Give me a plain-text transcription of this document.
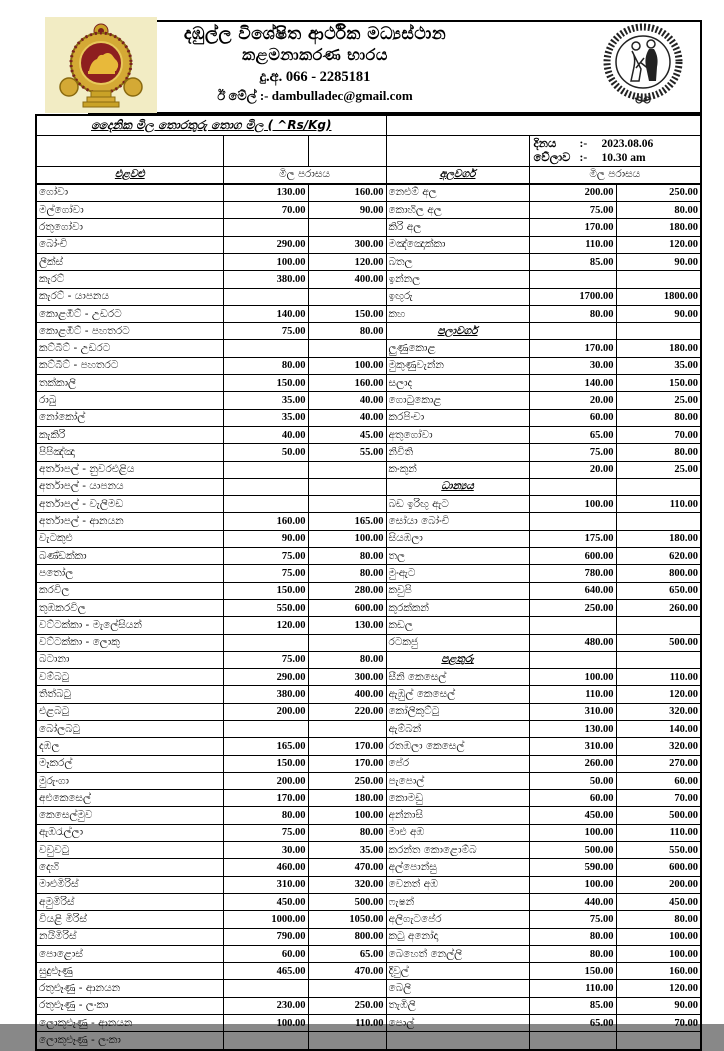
දඹුල්ල විශේෂිත ආර්ථික මධ්‍යස්ථාන
කළමනාකරණ භාරය
දු.අ. 066 - 2285181
ඊ මේල් :- dambulladec@gmail.com
දෛනික මිල තොරතුරු තොග මිල ( ^Rs/Kg)					

දිනය	:-	2023.08.06
වේලාව :-	10.30 am

එළවළු	මිල පරාසය		අලවර්ග	මිල පරාසය	
ගෝවා	130.00	160.00	නෙළුම් අල	200.00	250.00
මල්ගෝවා	70.00	90.00	කොහිල අල	75.00	80.00
රතුගෝවා			කිරි අල	170.00	180.00
බෝංචි	290.00	300.00	මඤ්ඤොක්කා	110.00	120.00
ලීක්ස්	100.00	120.00	බතල	85.00	90.00
කැරට්	380.00	400.00	ඉන්නල		
කැරට් - යාපනය			ඉඟුරු	1700.00	1800.00
කොළඹීට් - උඩරට	140.00	150.00	කහ	80.00	90.00
කොළඹීට් - පහතරට	75.00	80.00	පලාවර්ග		
කට්බීට් - උඩරට			ලුණුකොළ	170.00	180.00
කට්බීට් - පහතරට	80.00	100.00	මුකුණුවැන්න	30.00	35.00
තක්කාලි	150.00	160.00	සලාද	140.00	150.00
රාබු	35.00	40.00	ගොටුකොළ	20.00	25.00
නෝකෝල්	35.00	40.00	කරපිංචා	60.00	80.00
කැකිරි	40.00	45.00	අතුගෝවා	65.00	70.00
පිපිඤ්ඤා	50.00	55.00	නිවිති	75.00	80.00
අර්තාපල් - නුවරඑළිය			කංකුන්	20.00	25.00
අර්තාපල් - යාපනය			ධාන්‍යය		
අර්තාපල් - වැලිමඩ			බඩ ඉරිඟු ඇට	100.00	110.00
අර්තාපල් - ආනයන	160.00	165.00	සෝයා බෝංචි		
වැටකුළු	90.00	100.00	සියඹලා	175.00	180.00
බණ්ඩක්කා	75.00	80.00	තල	600.00	620.00
පතෝල	75.00	80.00	මුංඇට	780.00	800.00
කරවිල	150.00	280.00	කවුපි	640.00	650.00
තුඹකරවිල	550.00	600.00	කුරක්කන්	250.00	260.00
වට්ටක්කා - මැලේසියන්	120.00	130.00	කඩල		
වට්ටක්කා - ලොකු			රටකජු	480.00	500.00
බටානා	75.00	80.00	පළතුරු		
වම්බටු	290.00	300.00	සීනි කෙසෙල්	100.00	110.00
තිත්බටු	380.00	400.00	ඇඹුල් කෙසෙල්	110.00	120.00
එළබටු	200.00	220.00	කෝලිකුට්ටු	310.00	320.00
බෝලබටු			ඇම්බන්	130.00	140.00
දඹල	165.00	170.00	රතඹලා කෙසෙල්	310.00	320.00
මෑකරල්	150.00	170.00	පේර	260.00	270.00
මුරුංගා	200.00	250.00	පැපොල්	50.00	60.00
අළුකෙසෙල්	170.00	180.00	කොමඩු	60.00	70.00
කෙසෙල්මුව	80.00	100.00	අන්නාසි	450.00	500.00
ඇඹරැල්ලා	75.00	80.00	මාළු අඹ	100.00	110.00
වවුවටු	30.00	35.00	කරන්ත කොළොම්බ	500.00	550.00
දෙහි	460.00	470.00	අල්පොන්සු	590.00	600.00
මාළුමිරිස්	310.00	320.00	වෙනත් අඹ	100.00	200.00
අමුමිරිස්	450.00	500.00	ෆැෂන්	440.00	450.00
වියළි මිරිස්	1000.00	1050.00	අලිගැටපේර	75.00	80.00
නයිමිරිස්	790.00	800.00	කටු අනෝදා	80.00	100.00
පොළොස්	60.00	65.00	බෙහෙත් නෙල්ලි	80.00	100.00
සුදුළූණු	465.00	470.00	දිවුල්	150.00	160.00
රතුළූණු - ආනයන			බෙලි	110.00	120.00
රතුළූණු - ලංකා	230.00	250.00	තැඹිලි	85.00	90.00
ලොකුළූණු - ආනයන	100.00	110.00	පොල්	65.00	70.00
ලොකුළූණු - ලංකා					
